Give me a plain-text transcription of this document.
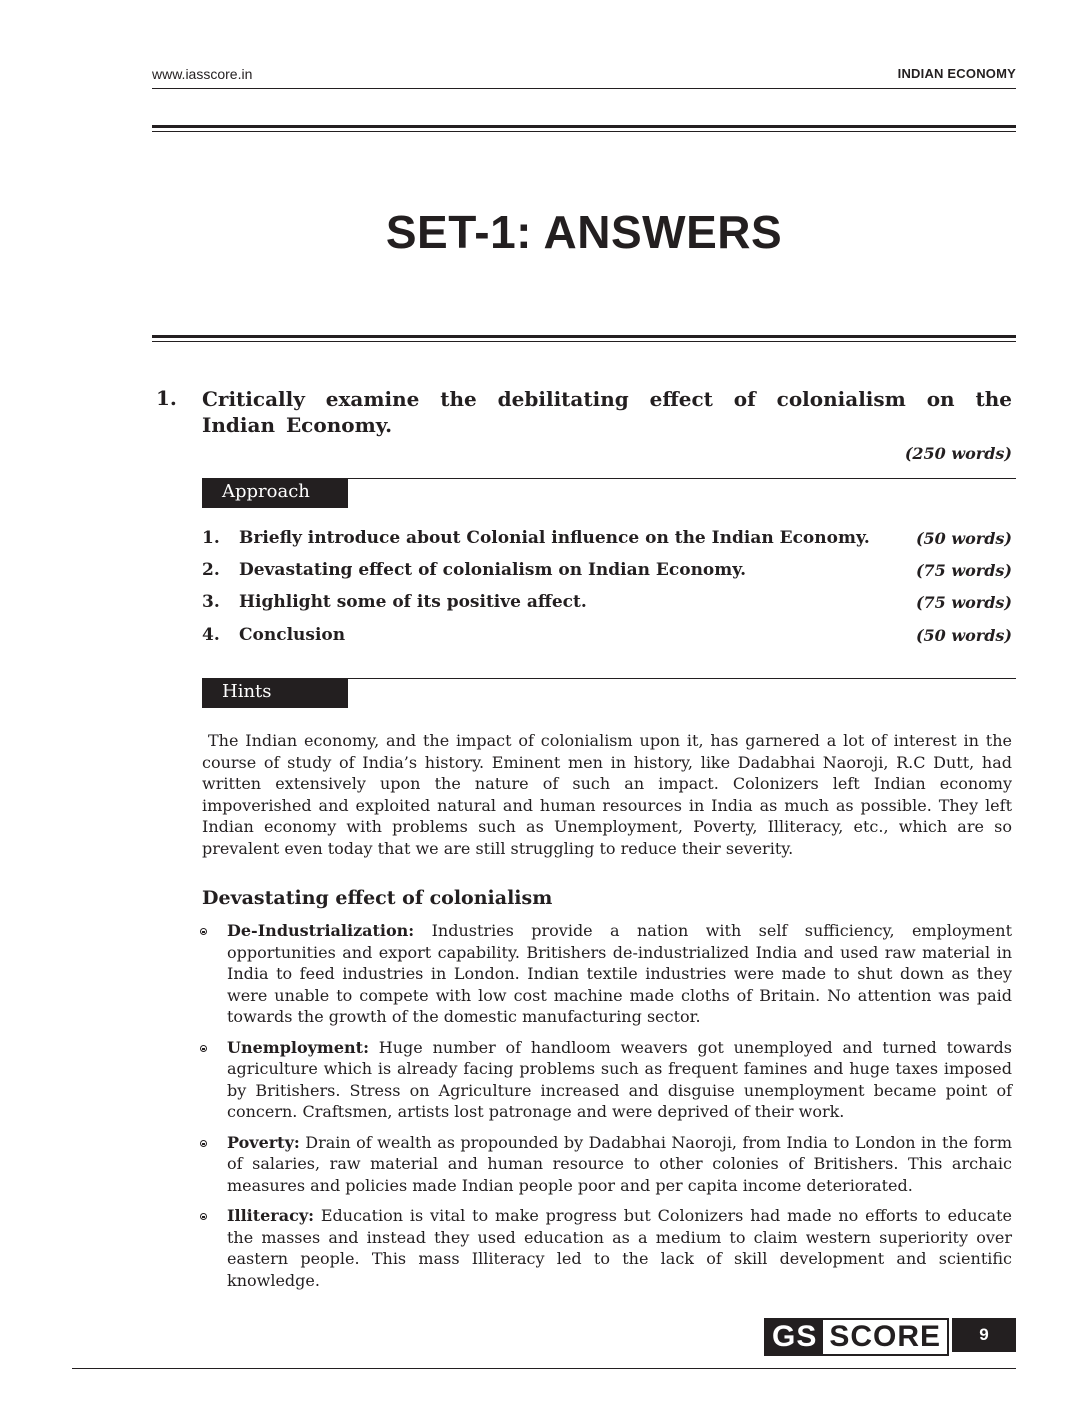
www.iasscore.in	INDIAN ECONOMY
SET-1: ANSWERS
1. Critically examine the debilitating effect of colonialism on the Indian Economy.
(250 words)
Approach
1. Briefly introduce about Colonial influence on the Indian Economy.	(50 words)
2. Devastating effect of colonialism on Indian Economy.	(75 words)
3. Highlight some of its positive affect.	(75 words)
4. Conclusion	(50 words)
Hints

The Indian economy, and the impact of colonialism upon it, has garnered a lot of interest in the course of study of India’s history. Eminent men in history, like Dadabhai Naoroji, R.C Dutt, had written extensively upon the nature of such an impact. Colonizers left Indian economy impoverished and exploited natural and human resources in India as much as possible. They left Indian economy with problems such as Unemployment, Poverty, Illiteracy, etc., which are so prevalent even today that we are still struggling to reduce their severity.

Devastating effect of colonialism
De-Industrialization: Industries provide a nation with self sufficiency, employment opportunities and export capability. Britishers de-industrialized India and used raw material in India to feed industries in London. Indian textile industries were made to shut down as they were unable to compete with low cost machine made cloths of Britain. No attention was paid towards the growth of the domestic manufacturing sector.
Unemployment: Huge number of handloom weavers got unemployed and turned towards agriculture which is already facing problems such as frequent famines and huge taxes imposed by Britishers. Stress on Agriculture increased and disguise unemployment became point of concern. Craftsmen, artists lost patronage and were deprived of their work.
Poverty: Drain of wealth as propounded by Dadabhai Naoroji, from India to London in the form of salaries, raw material and human resource to other colonies of Britishers. This archaic measures and policies made Indian people poor and per capita income deteriorated.
Illiteracy: Education is vital to make progress but Colonizers had made no efforts to educate the masses and instead they used education as a medium to claim western superiority over eastern people. This mass Illiteracy led to the lack of skill development and scientific knowledge.
GS SCORE	9
